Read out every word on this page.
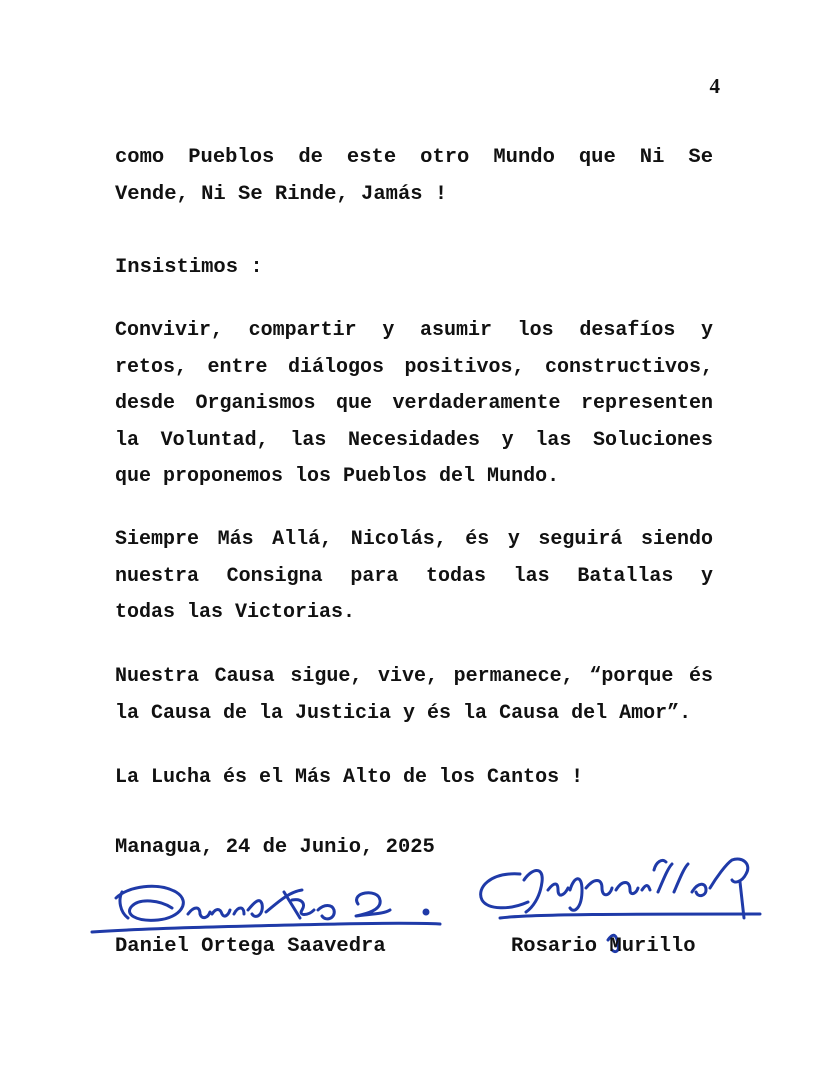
4
como Pueblos de este otro Mundo que Ni Se
Vende, Ni Se Rinde, Jamás !
Insistimos :
Convivir, compartir y asumir los desafíos y
retos, entre diálogos positivos, constructivos,
desde Organismos que verdaderamente representen
la Voluntad, las Necesidades y las Soluciones
que proponemos los Pueblos del Mundo.
Siempre Más Allá, Nicolás, és y seguirá siendo
nuestra Consigna para todas las Batallas y
todas las Victorias.
Nuestra Causa sigue, vive, permanece, “porque és
la Causa de la Justicia y és la Causa del Amor”.
La Lucha és el Más Alto de los Cantos !
Managua, 24 de Junio, 2025
Daniel Ortega Saavedra	Rosario Murillo
